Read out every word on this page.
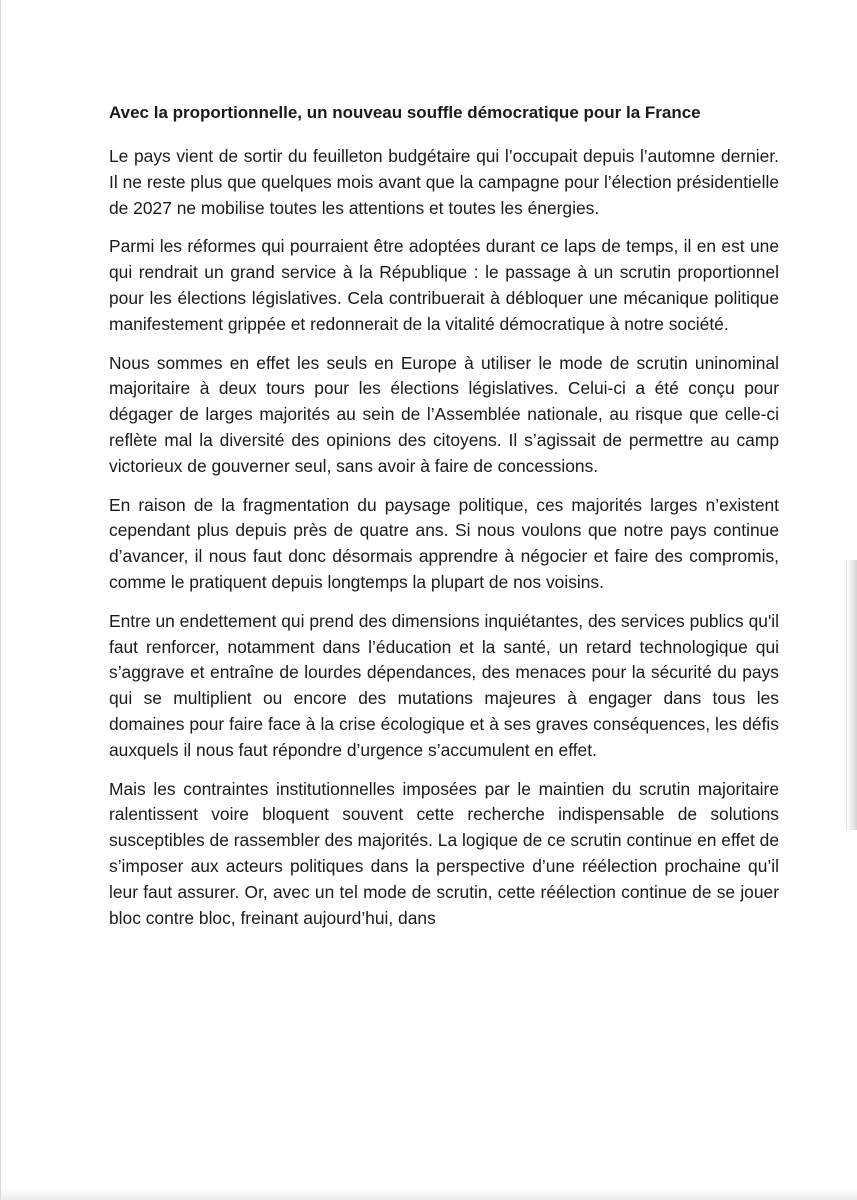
Avec la proportionnelle, un nouveau souffle démocratique pour la France

Le pays vient de sortir du feuilleton budgétaire qui l’occupait depuis l’automne dernier. Il ne reste plus que quelques mois avant que la campagne pour l’élection présidentielle de 2027 ne mobilise toutes les attentions et toutes les énergies.

Parmi les réformes qui pourraient être adoptées durant ce laps de temps, il en est une qui rendrait un grand service à la République : le passage à un scrutin proportionnel pour les élections législatives. Cela contribuerait à débloquer une mécanique politique manifestement grippée et redonnerait de la vitalité démocratique à notre société.

Nous sommes en effet les seuls en Europe à utiliser le mode de scrutin uninominal majoritaire à deux tours pour les élections législatives. Celui-ci a été conçu pour dégager de larges majorités au sein de l’Assemblée nationale, au risque que celle-ci reflète mal la diversité des opinions des citoyens. Il s’agissait de permettre au camp victorieux de gouverner seul, sans avoir à faire de concessions.

En raison de la fragmentation du paysage politique, ces majorités larges n’existent cependant plus depuis près de quatre ans. Si nous voulons que notre pays continue d’avancer, il nous faut donc désormais apprendre à négocier et faire des compromis, comme le pratiquent depuis longtemps la plupart de nos voisins.

Entre un endettement qui prend des dimensions inquiétantes, des services publics qu'il faut renforcer, notamment dans l’éducation et la santé, un retard technologique qui s’aggrave et entraîne de lourdes dépendances, des menaces pour la sécurité du pays qui se multiplient ou encore des mutations majeures à engager dans tous les domaines pour faire face à la crise écologique et à ses graves conséquences, les défis auxquels il nous faut répondre d’urgence s’accumulent en effet.

Mais les contraintes institutionnelles imposées par le maintien du scrutin majoritaire ralentissent voire bloquent souvent cette recherche indispensable de solutions susceptibles de rassembler des majorités. La logique de ce scrutin continue en effet de s’imposer aux acteurs politiques dans la perspective d’une réélection prochaine qu’il leur faut assurer. Or, avec un tel mode de scrutin, cette réélection continue de se jouer bloc contre bloc, freinant aujourd’hui, dans
